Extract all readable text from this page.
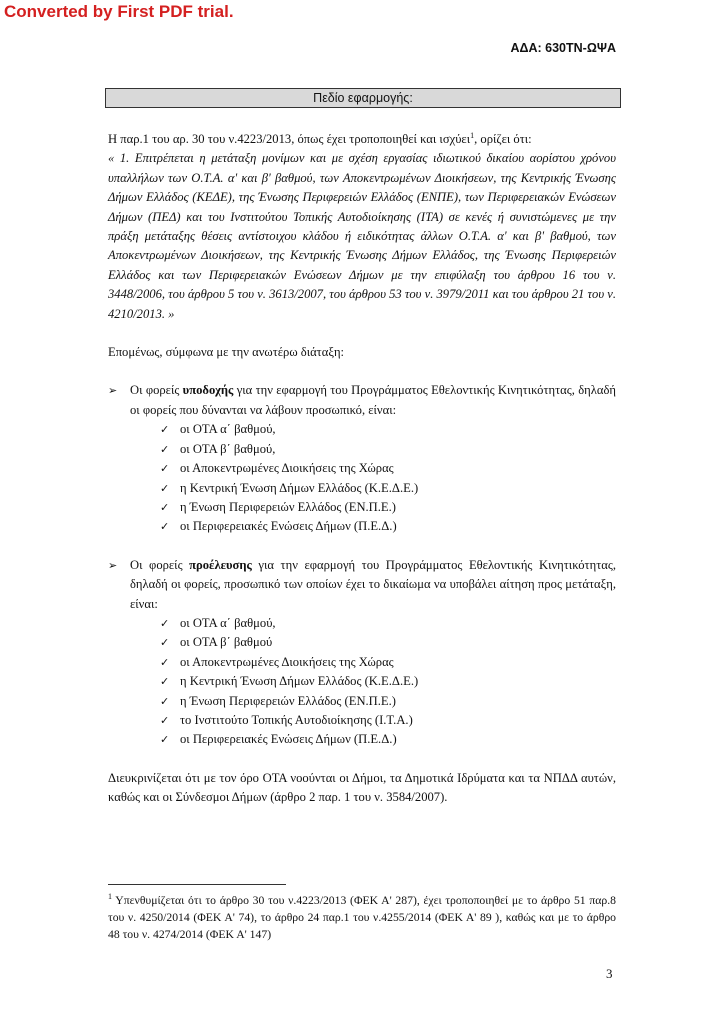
Converted by First PDF trial.
ΑΔΑ: 630ΤΝ-ΩΨΑ
Πεδίο εφαρμογής:

Η παρ.1 του αρ. 30 του ν.4223/2013, όπως έχει τροποποιηθεί και ισχύει$^1$, ορίζει ότι:

« 1. Επιτρέπεται η μετάταξη μονίμων και με σχέση εργασίας ιδιωτικού δικαίου αορίστου χρόνου υπαλλήλων των Ο.Τ.Α. α' και β' βαθμού, των Αποκεντρωμένων Διοικήσεων, της Κεντρικής Ένωσης Δήμων Ελλάδος (ΚΕΔΕ), της Ένωσης Περιφερειών Ελλάδος (ΕΝΠΕ), των Περιφερειακών Ενώσεων Δήμων (ΠΕΔ) και του Ινστιτούτου Τοπικής Αυτοδιοίκησης (ΙΤΑ) σε κενές ή συνιστώμενες με την πράξη μετάταξης θέσεις αντίστοιχου κλάδου ή ειδικότητας άλλων Ο.Τ.Α. α' και β' βαθμού, των Αποκεντρωμένων Διοικήσεων, της Κεντρικής Ένωσης Δήμων Ελλάδος, της Ένωσης Περιφερειών Ελλάδος και των Περιφερειακών Ενώσεων Δήμων με την επιφύλαξη του άρθρου 16 του ν. 3448/2006, του άρθρου 5 του ν. 3613/2007, του άρθρου 53 του ν. 3979/2011 και του άρθρου 21 του ν. 4210/2013. »

Επομένως, σύμφωνα με την ανωτέρω διάταξη:

➢ Οι φορείς υποδοχής για την εφαρμογή του Προγράμματος Εθελοντικής Κινητικότητας, δηλαδή οι φορείς που δύνανται να λάβουν προσωπικό, είναι:
✓ οι ΟΤΑ α΄ βαθμού,
✓ οι ΟΤΑ β΄ βαθμού,
✓ οι Αποκεντρωμένες Διοικήσεις της Χώρας
✓ η Κεντρική Ένωση Δήμων Ελλάδος (Κ.Ε.Δ.Ε.)
✓ η Ένωση Περιφερειών Ελλάδος (ΕΝ.Π.Ε.)
✓ οι Περιφερειακές Ενώσεις Δήμων (Π.Ε.Δ.)
➢ Οι φορείς προέλευσης για την εφαρμογή του Προγράμματος Εθελοντικής Κινητικότητας, δηλαδή οι φορείς, προσωπικό των οποίων έχει το δικαίωμα να υποβάλει αίτηση προς μετάταξη, είναι:
✓ οι ΟΤΑ α΄ βαθμού,
✓ οι ΟΤΑ β΄ βαθμού
✓ οι Αποκεντρωμένες Διοικήσεις της Χώρας
✓ η Κεντρική Ένωση Δήμων Ελλάδος (Κ.Ε.Δ.Ε.)
✓ η Ένωση Περιφερειών Ελλάδος (ΕΝ.Π.Ε.)
✓ το Ινστιτούτο Τοπικής Αυτοδιοίκησης (Ι.Τ.Α.)
✓ οι Περιφερειακές Ενώσεις Δήμων (Π.Ε.Δ.)

Διευκρινίζεται ότι με τον όρο ΟΤΑ νοούνται οι Δήμοι, τα Δημοτικά Ιδρύματα και τα ΝΠΔΔ αυτών, καθώς και οι Σύνδεσμοι Δήμων (άρθρο 2 παρ. 1 του ν. 3584/2007).

$^1$ Υπενθυμίζεται ότι το άρθρο 30 του ν.4223/2013 (ΦΕΚ Α' 287), έχει τροποποιηθεί με το άρθρο 51 παρ.8 του ν. 4250/2014 (ΦΕΚ Α' 74), το άρθρο 24 παρ.1 του ν.4255/2014 (ΦΕΚ Α' 89 ), καθώς και με το άρθρο 48 του ν. 4274/2014 (ΦΕΚ Α' 147)
3
